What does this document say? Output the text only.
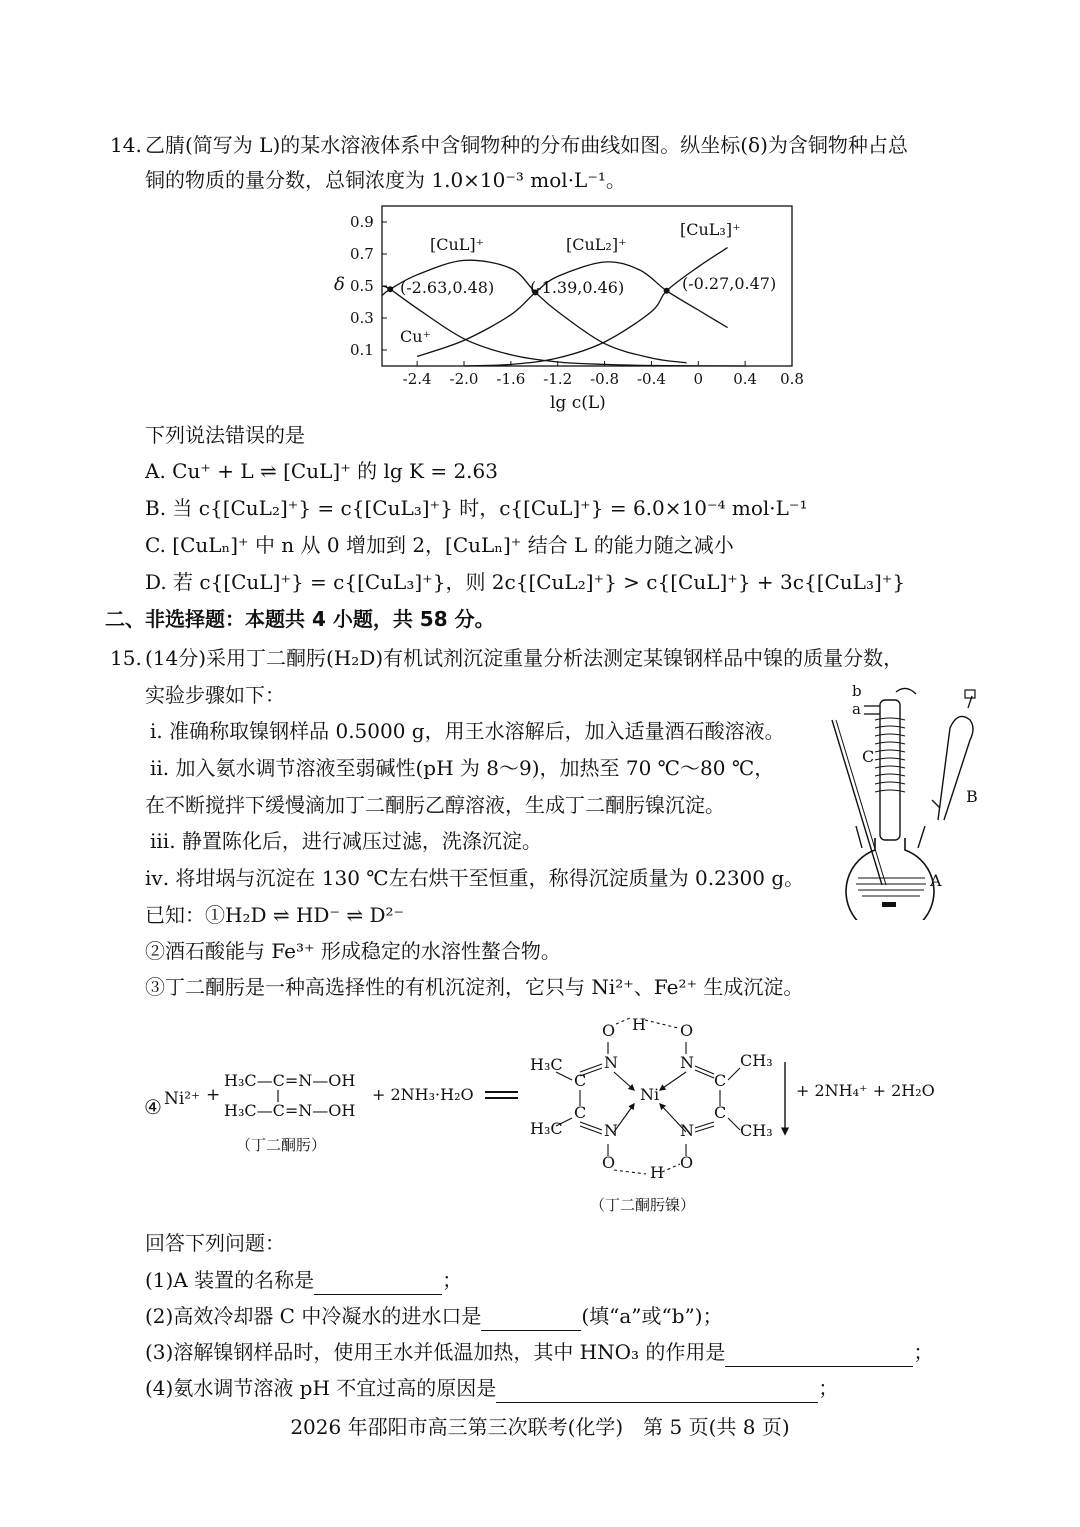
14. 乙腈(简写为 L)的某水溶液体系中含铜物种的分布曲线如图。纵坐标(δ)为含铜物种占总
铜的物质的量分数，总铜浓度为 1.0×10⁻³ mol·L⁻¹。
0.1
0.3
0.5
0.7
0.9
-2.4 -2.0 -1.6 -1.2 -0.8 -0.4 0 0.4 0.8
δ
lg c(L)
[CuL]⁺	[CuL₂]⁺
[CuL₃]⁺
Cu⁺
(-2.63,0.48) (-1.39,0.46)	(-0.27,0.47)
下列说法错误的是
A. Cu⁺ + L ⇌ [CuL]⁺ 的 lg K = 2.63
B. 当 c{[CuL₂]⁺} = c{[CuL₃]⁺} 时，c{[CuL]⁺} = 6.0×10⁻⁴ mol·L⁻¹
C. [CuLₙ]⁺ 中 n 从 0 增加到 2，[CuLₙ]⁺ 结合 L 的能力随之减小
D. 若 c{[CuL]⁺} = c{[CuL₃]⁺}，则 2c{[CuL₂]⁺} > c{[CuL]⁺} + 3c{[CuL₃]⁺}
二、非选择题：本题共 4 小题，共 58 分。
15. (14分)采用丁二酮肟(H₂D)有机试剂沉淀重量分析法测定某镍钢样品中镍的质量分数，
实验步骤如下：
ⅰ. 准确称取镍钢样品 0.5000 g，用王水溶解后，加入适量酒石酸溶液。
ⅱ. 加入氨水调节溶液至弱碱性(pH 为 8～9)，加热至 70 ℃～80 ℃，
在不断搅拌下缓慢滴加丁二酮肟乙醇溶液，生成丁二酮肟镍沉淀。
ⅲ. 静置陈化后，进行减压过滤，洗涤沉淀。
ⅳ. 将坩埚与沉淀在 130 ℃左右烘干至恒重，称得沉淀质量为 0.2300 g。
已知：①H₂D ⇌ HD⁻ ⇌ D²⁻
②酒石酸能与 Fe³⁺ 形成稳定的水溶性螯合物。
③丁二酮肟是一种高选择性的有机沉淀剂，它只与 Ni²⁺、Fe²⁺ 生成沉淀。
b
a
C
B
A
④ Ni²⁺ +
H₃C—C=N—OH
H₃C—C=N—OH
（丁二酮肟）
+ 2NH₃·H₂O
H
O	O
N	N
C	C
Ni
C	C
N	N
O	O
H
H₃C
H₃C
CH₃
CH₃
+ 2NH₄⁺ + 2H₂O
（丁二酮肟镍）
回答下列问题：
(1)A 装置的名称是	；
(2)高效冷却器 C 中冷凝水的进水口是	(填“a”或“b”)；
(3)溶解镍钢样品时，使用王水并低温加热，其中 HNO₃ 的作用是	；
(4)氨水调节溶液 pH 不宜过高的原因是	；
2026 年邵阳市高三第三次联考(化学)　第 5 页(共 8 页)
